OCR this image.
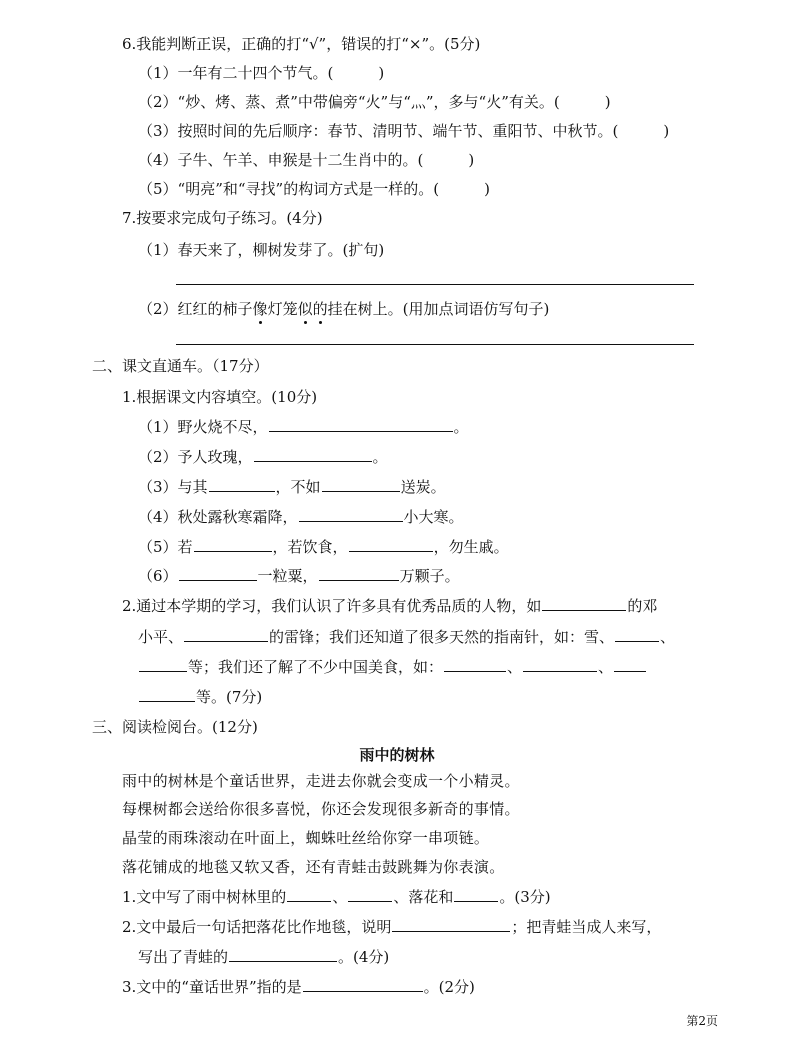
6.我能判断正误，正确的打“√”，错误的打“×”。(5分)
（1）一年有二十四个节气。(　　　)
（2）“炒、烤、蒸、煮”中带偏旁“火”与“灬”，多与“火”有关。(　　　)
（3）按照时间的先后顺序：春节、清明节、端午节、重阳节、中秋节。(　　　)
（4）子牛、午羊、申猴是十二生肖中的。(　　　)
（5）“明亮”和“寻找”的构词方式是一样的。(　　　)
7.按要求完成句子练习。(4分)
（1）春天来了，柳树发芽了。(扩句)
（2）红红的柿子像灯笼似的挂在树上。(用加点词语仿写句子)
二、课文直通车。（17分）
1.根据课文内容填空。(10分)
（1）野火烧不尽，	。
（2）予人玫瑰，	。
（3）与其	，不如	送炭。
（4）秋处露秋寒霜降，	小大寒。
（5）若	，若饮食，	，勿生戚。
（6）	一粒粟，	万颗子。
2.通过本学期的学习，我们认识了许多具有优秀品质的人物，如	的邓
小平、	的雷锋；我们还知道了很多天然的指南针，如：雪、	、
等；我们还了解了不少中国美食，如：	、	、
等。(7分)
三、阅读检阅台。(12分)
雨中的树林
雨中的树林是个童话世界，走进去你就会变成一个小精灵。
每棵树都会送给你很多喜悦，你还会发现很多新奇的事情。
晶莹的雨珠滚动在叶面上，蜘蛛吐丝给你穿一串项链。
落花铺成的地毯又软又香，还有青蛙击鼓跳舞为你表演。
1.文中写了雨中树林里的	、	、落花和	。(3分)
2.文中最后一句话把落花比作地毯，说明	；把青蛙当成人来写，
写出了青蛙的	。(4分)
3.文中的“童话世界”指的是	。(2分)
第2页
